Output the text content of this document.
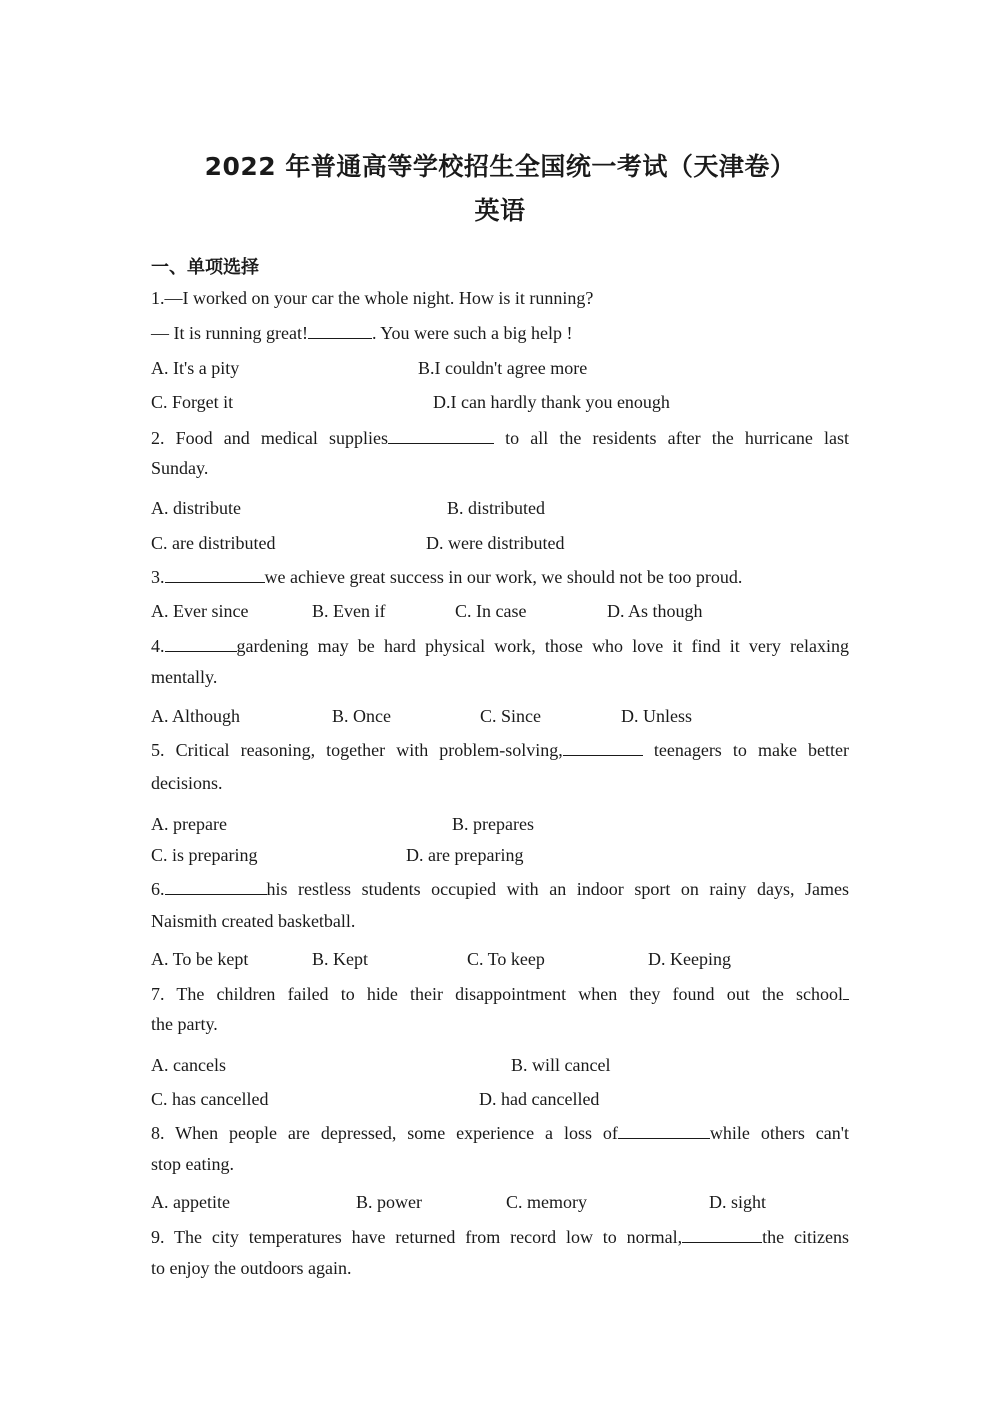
2022 年普通高等学校招生全国统一考试（天津卷）
英语
一、单项选择
1.—I worked on your car the whole night. How is it running?
— It is running great!	. You were such a big help !
A. It's a pity	B.I couldn't agree more
C. Forget it	D.I can hardly thank you enough
2. Food and medical supplies	to all the residents after the hurricane last
Sunday.
A. distribute	B. distributed
C. are distributed	D. were distributed
3.	we achieve great success in our work, we should not be too proud.
A. Ever since	B. Even if	C. In case	D. As though
4.	gardening may be hard physical work, those who love it find it very relaxing
mentally.
A. Although	B. Once	C. Since	D. Unless
5. Critical reasoning, together with problem-solving,	teenagers to make better
decisions.
A. prepare	B. prepares
C. is preparing	D. are preparing
6.	his restless students occupied with an indoor sport on rainy days, James
Naismith created basketball.
A. To be kept	B. Kept	C. To keep	D. Keeping
7. The children failed to hide their disappointment when they found out the school
the party.
A. cancels	B. will cancel
C. has cancelled	D. had cancelled
8. When people are depressed, some experience a loss of	while others can't
stop eating.
A. appetite	B. power	C. memory	D. sight
9. The city temperatures have returned from record low to normal,	the citizens
to enjoy the outdoors again.
